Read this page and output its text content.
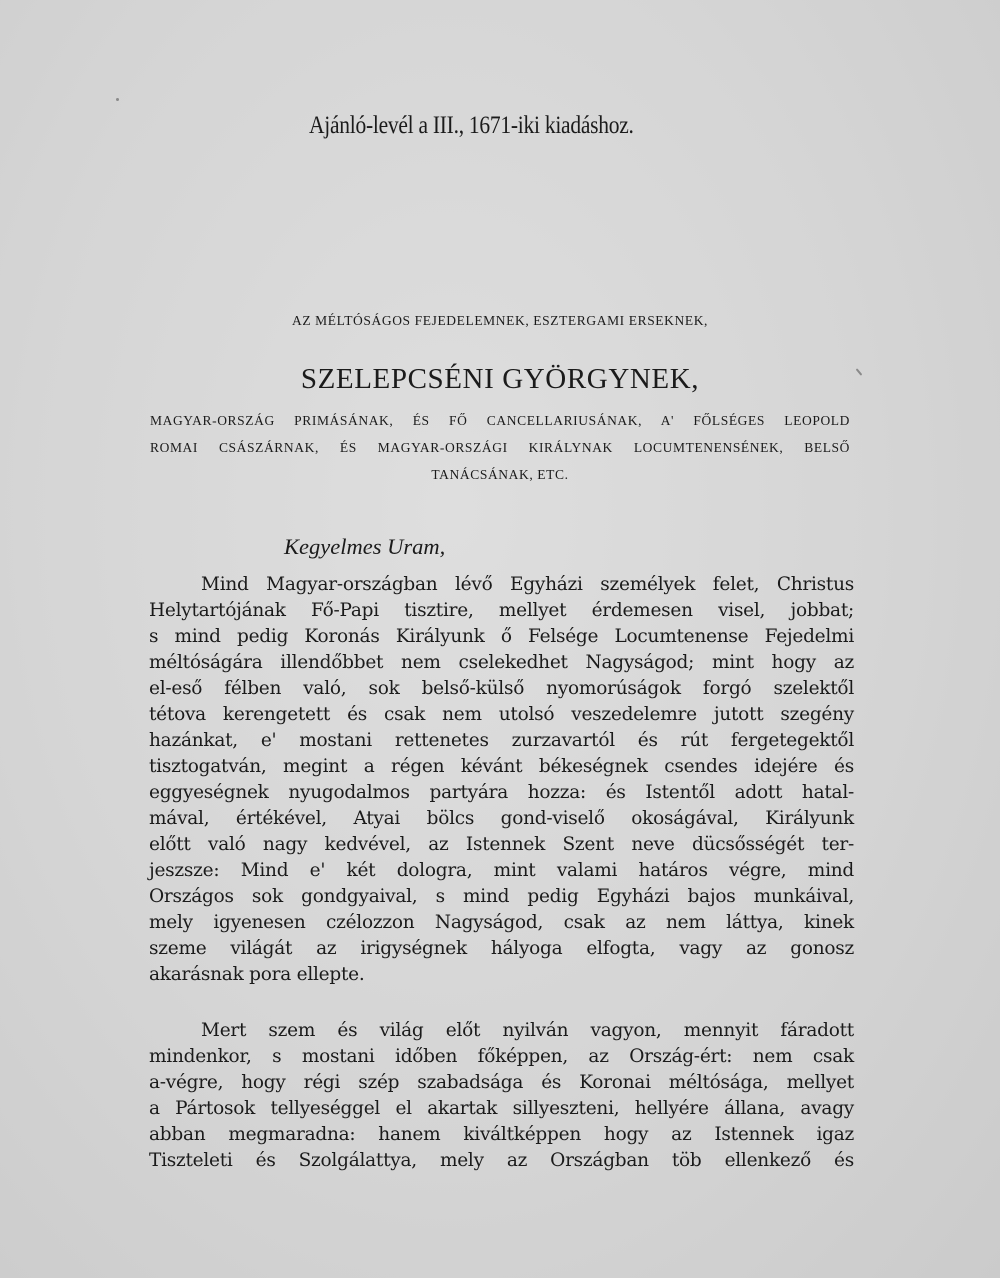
Ajánló-levél a III., 1671-iki kiadáshoz.

AZ MÉLTÓSÁGOS FEJEDELEMNEK, ESZTERGAMI ERSEKNEK,

SZELEPCSÉNI GYÖRGYNEK,

MAGYAR-ORSZÁG PRIMÁSÁNAK, ÉS FŐ CANCELLARIUSÁNAK, A' FŐLSÉGES LEOPOLD

ROMAI CSÁSZÁRNAK, ÉS MAGYAR-ORSZÁGI KIRÁLYNAK LOCUMTENENSÉNEK, BELSŐ

TANÁCSÁNAK, ETC.

Kegyelmes Uram,

Mind Magyar-országban lévő Egyházi személyek felet, Christus

Helytartójának Fő-Papi tisztire, mellyet érdemesen visel, jobbat;

s mind pedig Koronás Királyunk ő Felsége Locumtenense Fejedelmi

méltóságára illendőbbet nem cselekedhet Nagyságod; mint hogy az

el-eső félben való, sok belső-külső nyomorúságok forgó szelektől

tétova kerengetett és csak nem utolsó veszedelemre jutott szegény

hazánkat, e' mostani rettenetes zurzavartól és rút fergetegektől

tisztogatván, megint a régen kévánt békeségnek csendes idejére és

eggyeségnek nyugodalmos partyára hozza: és Istentől adott hatal-

mával, értékével, Atyai bölcs gond-viselő okoságával, Királyunk

előtt való nagy kedvével, az Istennek Szent neve dücsősségét ter-

jeszsze: Mind e' két dologra, mint valami határos végre, mind

Országos sok gondgyaival, s mind pedig Egyházi bajos munkáival,

mely igyenesen czélozzon Nagyságod, csak az nem láttya, kinek

szeme világát az irigységnek hályoga elfogta, vagy az gonosz

akarásnak pora ellepte.

Mert szem és világ előt nyilván vagyon, mennyit fáradott

mindenkor, s mostani időben főképpen, az Ország-ért: nem csak

a-végre, hogy régi szép szabadsága és Koronai méltósága, mellyet

a Pártosok tellyeséggel el akartak sillyeszteni, hellyére állana, avagy

abban megmaradna: hanem kiváltképpen hogy az Istennek igaz

Tiszteleti és Szolgálattya, mely az Országban töb ellenkező és
